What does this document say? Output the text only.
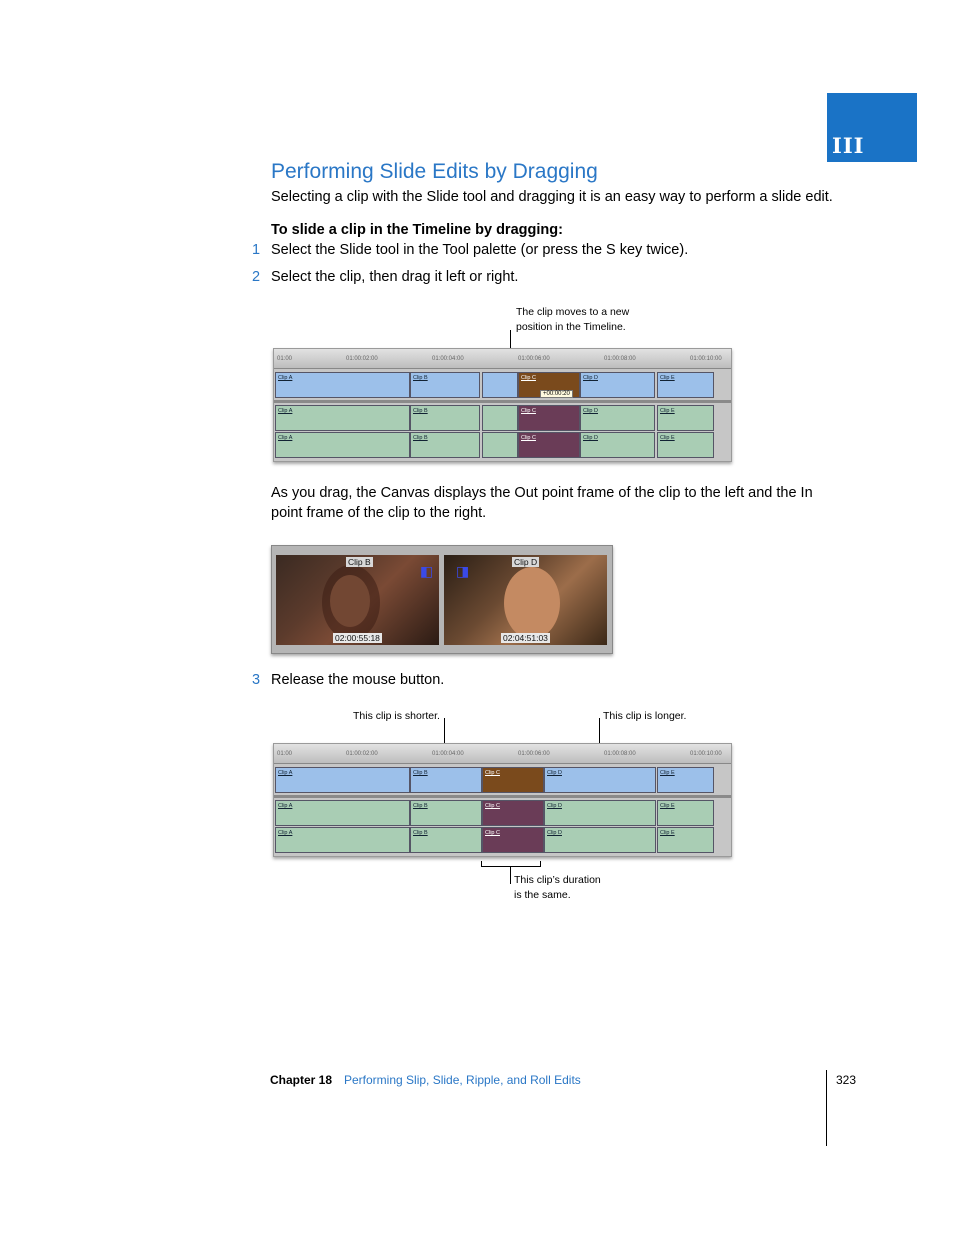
III
Performing Slide Edits by Dragging
Selecting a clip with the Slide tool and dragging it is an easy way to perform a slide edit.
To slide a clip in the Timeline by dragging:
1 Select the Slide tool in the Tool palette (or press the S key twice).
2 Select the clip, then drag it left or right.
The clip moves to a new
position in the Timeline.
01:00	01:00:02:00	01:00:04:00	01:00:06:00	01:00:08:00	01:00:10:00
Clip A	Clip B	Clip C	Clip D	Clip E
+00:00:20
Clip A	Clip B	Clip C	Clip D	Clip E
Clip A	Clip B	Clip C	Clip D	Clip E
As you drag, the Canvas displays the Out point frame of the clip to the left and the In
point frame of the clip to the right.
Clip B
◧
02:00:55:18
◨
Clip D
02:04:51:03
3 Release the mouse button.
This clip is shorter.	This clip is longer.
01:00	01:00:02:00	01:00:04:00	01:00:06:00	01:00:08:00	01:00:10:00
Clip A	Clip B	Clip C	Clip D	Clip E
Clip A	Clip B	Clip C	Clip D	Clip E
Clip A	Clip B	Clip C	Clip D	Clip E
This clip’s duration
is the same.
Chapter 18 Performing Slip, Slide, Ripple, and Roll Edits	323
